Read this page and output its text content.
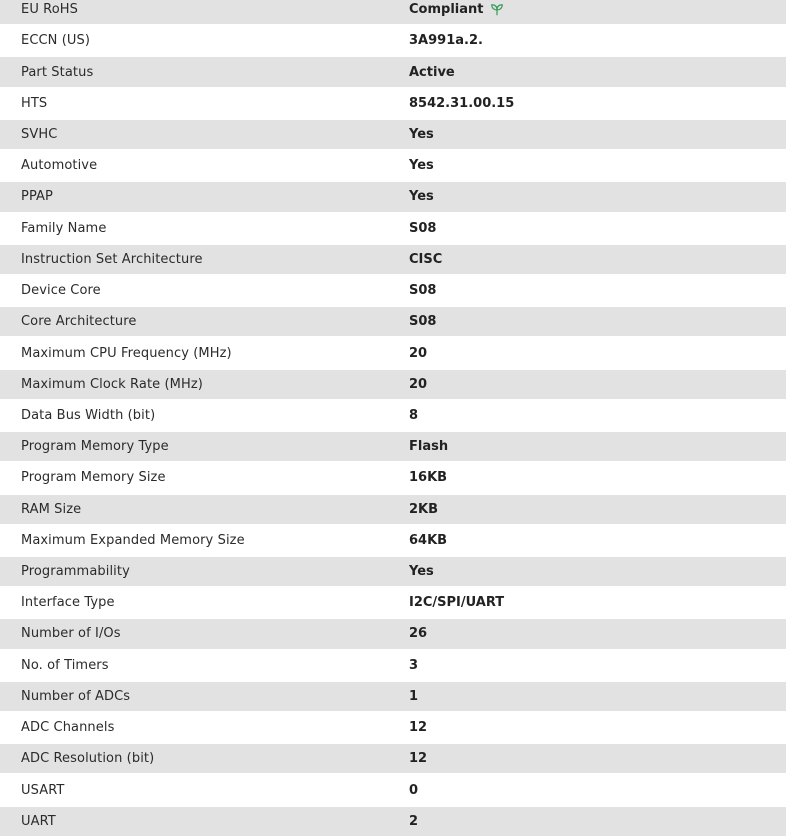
EU RoHS	Compliant
ECCN (US)	3A991a.2.
Part Status	Active
HTS	8542.31.00.15
SVHC	Yes
Automotive	Yes
PPAP	Yes
Family Name	S08
Instruction Set Architecture	CISC
Device Core	S08
Core Architecture	S08
Maximum CPU Frequency (MHz)	20
Maximum Clock Rate (MHz)	20
Data Bus Width (bit)	8
Program Memory Type	Flash
Program Memory Size	16KB
RAM Size	2KB
Maximum Expanded Memory Size	64KB
Programmability	Yes
Interface Type	I2C/SPI/UART
Number of I/Os	26
No. of Timers	3
Number of ADCs	1
ADC Channels	12
ADC Resolution (bit)	12
USART	0
UART	2
